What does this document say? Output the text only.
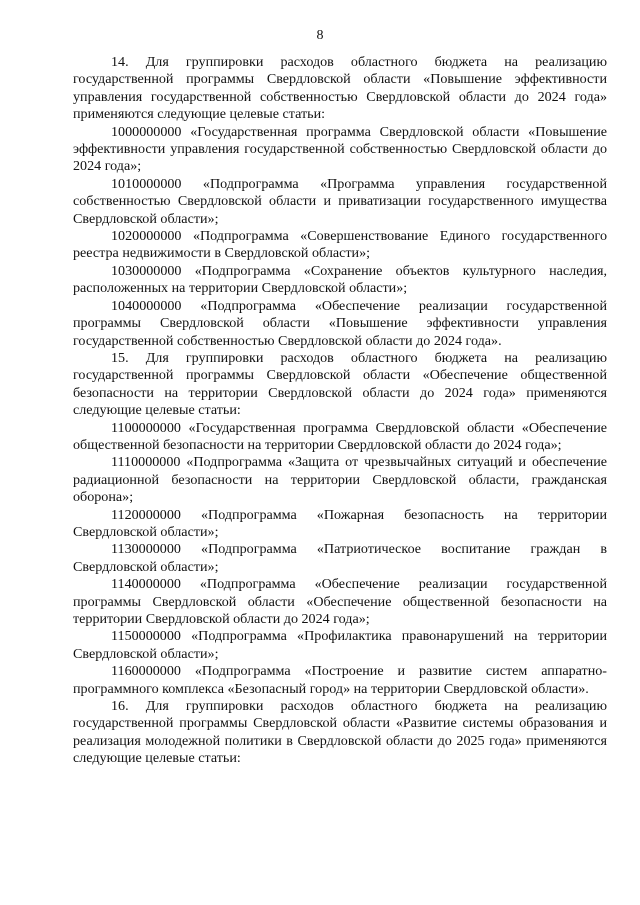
8

14. Для группировки расходов областного бюджета на реализацию государственной программы Свердловской области «Повышение эффективности управления государственной собственностью Свердловской области до 2024 года» применяются следующие целевые статьи:

1000000000 «Государственная программа Свердловской области «Повышение эффективности управления государственной собственностью Свердловской области до 2024 года»;

1010000000 «Подпрограмма «Программа управления государственной собственностью Свердловской области и приватизации государственного имущества Свердловской области»;

1020000000 «Подпрограмма «Совершенствование Единого государственного реестра недвижимости в Свердловской области»;

1030000000 «Подпрограмма «Сохранение объектов культурного наследия, расположенных на территории Свердловской области»;

1040000000 «Подпрограмма «Обеспечение реализации государственной программы Свердловской области «Повышение эффективности управления государственной собственностью Свердловской области до 2024 года».

15. Для группировки расходов областного бюджета на реализацию государственной программы Свердловской области «Обеспечение общественной безопасности на территории Свердловской области до 2024 года» применяются следующие целевые статьи:

1100000000 «Государственная программа Свердловской области «Обеспечение общественной безопасности на территории Свердловской области до 2024 года»;

1110000000 «Подпрограмма «Защита от чрезвычайных ситуаций и обеспечение радиационной безопасности на территории Свердловской области, гражданская оборона»;

1120000000 «Подпрограмма «Пожарная безопасность на территории Свердловской области»;

1130000000 «Подпрограмма «Патриотическое воспитание граждан в Свердловской области»;

1140000000 «Подпрограмма «Обеспечение реализации государственной программы Свердловской области «Обеспечение общественной безопасности на территории Свердловской области до 2024 года»;

1150000000 «Подпрограмма «Профилактика правонарушений на территории Свердловской области»;

1160000000 «Подпрограмма «Построение и развитие систем аппаратно-программного комплекса «Безопасный город» на территории Свердловской области».

16. Для группировки расходов областного бюджета на реализацию государственной программы Свердловской области «Развитие системы образования и реализация молодежной политики в Свердловской области до 2025 года» применяются следующие целевые статьи:
